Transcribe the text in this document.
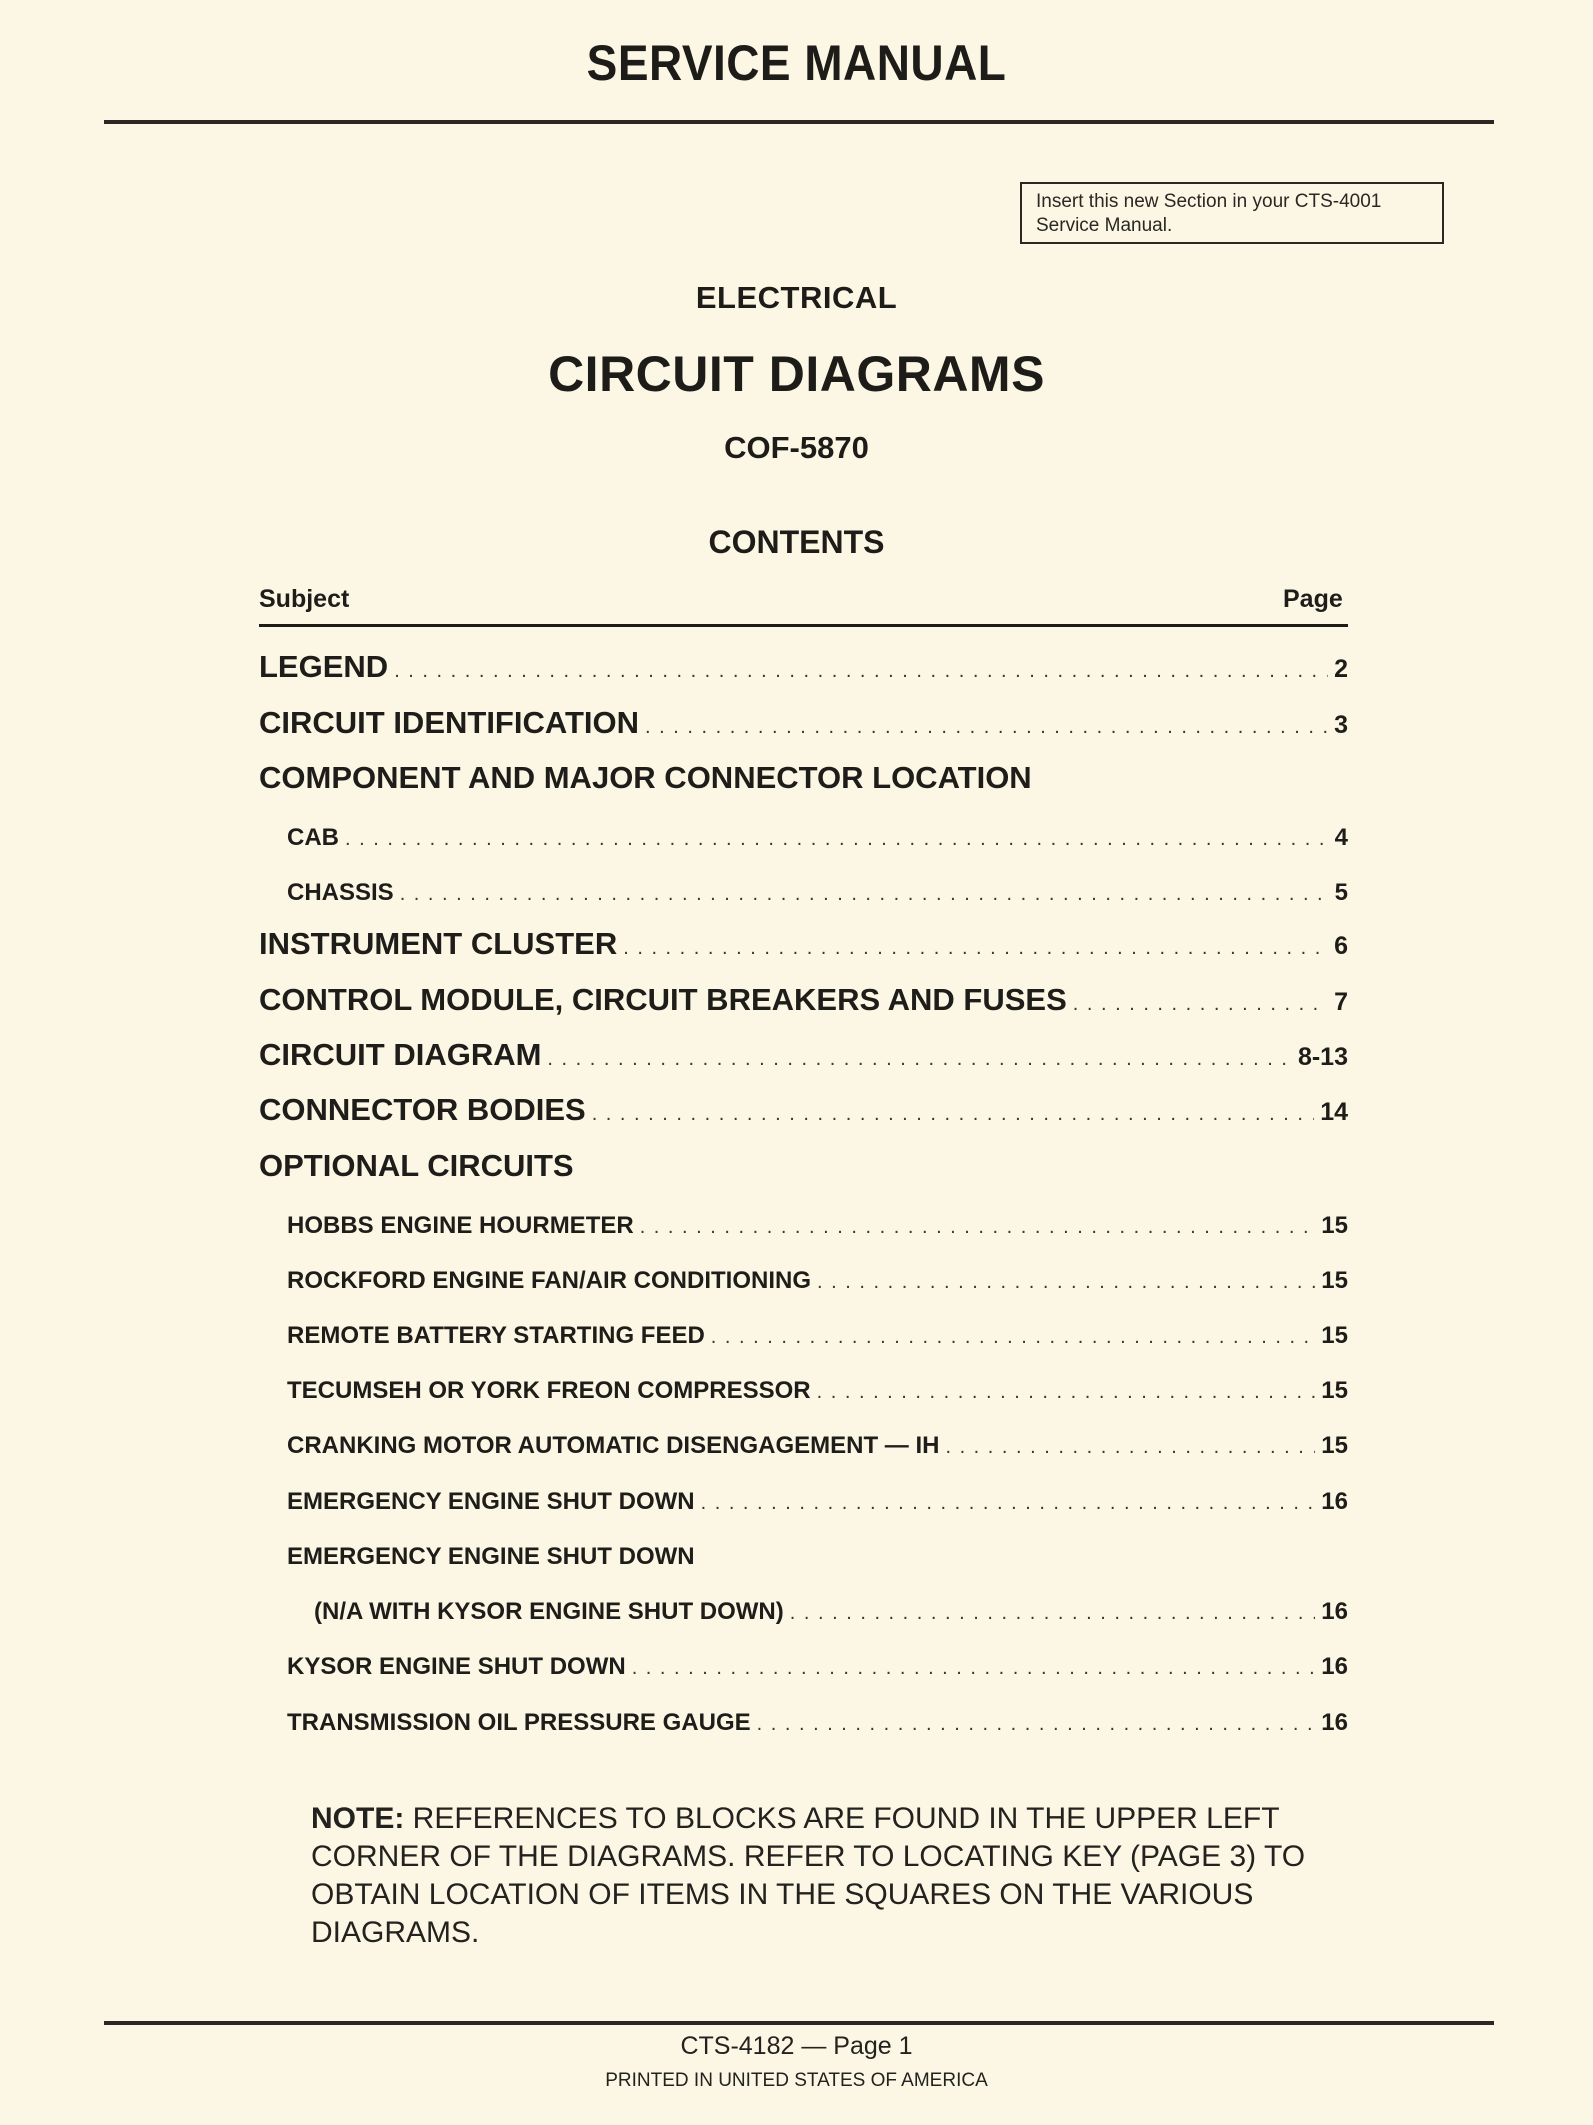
SERVICE MANUAL
Insert this new Section in your CTS-4001
Service Manual.
ELECTRICAL
CIRCUIT DIAGRAMS
COF-5870
CONTENTS
Subject	Page
LEGEND . . .	2
CIRCUIT IDENTIFICATION . . .	3
COMPONENT AND MAJOR CONNECTOR LOCATION
CAB . . .	4
CHASSIS . . .	5
INSTRUMENT CLUSTER . . .	6
CONTROL MODULE, CIRCUIT BREAKERS AND FUSES . . .	7
CIRCUIT DIAGRAM . . .	8-13
CONNECTOR BODIES . . .	14
OPTIONAL CIRCUITS
HOBBS ENGINE HOURMETER . . .	15
ROCKFORD ENGINE FAN/AIR CONDITIONING . . .	15
REMOTE BATTERY STARTING FEED . . .	15
TECUMSEH OR YORK FREON COMPRESSOR . . .	15
CRANKING MOTOR AUTOMATIC DISENGAGEMENT — IH . . .	15
EMERGENCY ENGINE SHUT DOWN . . .	16
EMERGENCY ENGINE SHUT DOWN
(N/A WITH KYSOR ENGINE SHUT DOWN) . . .	16
KYSOR ENGINE SHUT DOWN . . .	16
TRANSMISSION OIL PRESSURE GAUGE . . .	16
NOTE: REFERENCES TO BLOCKS ARE FOUND IN THE UPPER LEFT CORNER OF THE DIAGRAMS. REFER TO LOCATING KEY (PAGE 3) TO OBTAIN LOCATION OF ITEMS IN THE SQUARES ON THE VARIOUS DIAGRAMS.
CTS-4182 — Page 1
PRINTED IN UNITED STATES OF AMERICA
